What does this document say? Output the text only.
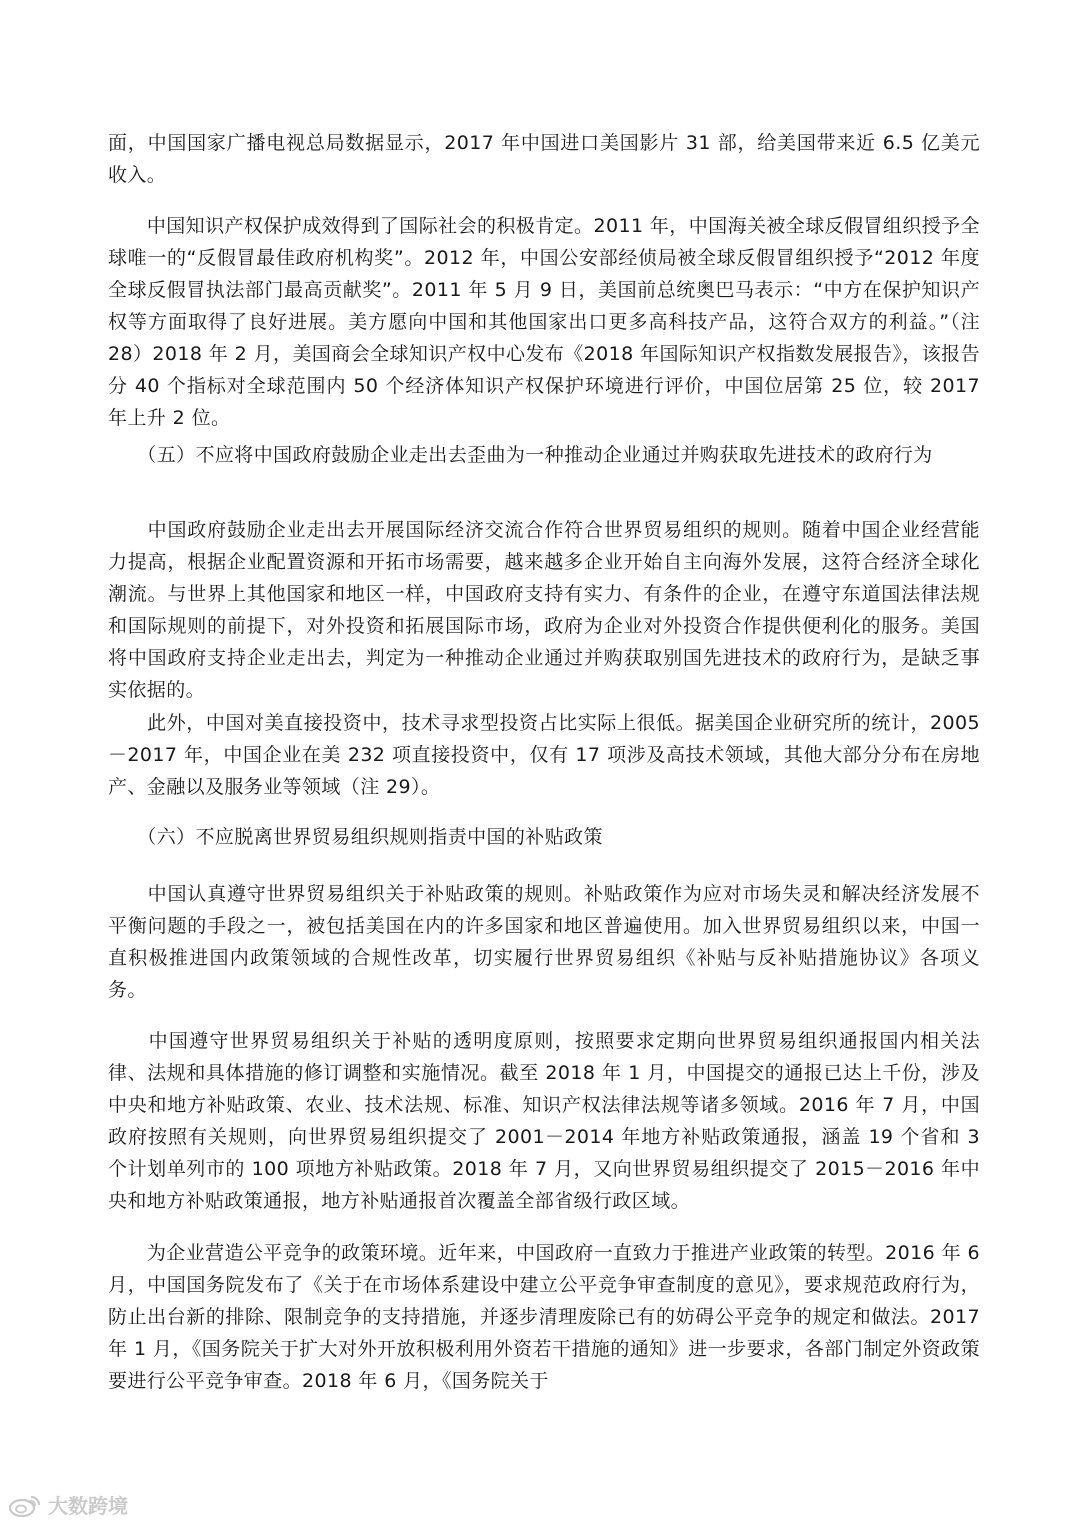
面，中国国家广播电视总局数据显示，2017 年中国进口美国影片 31 部，给美国带来近 6.5 亿美元收入。

　　中国知识产权保护成效得到了国际社会的积极肯定。2011 年，中国海关被全球反假冒组织授予全球唯一的“反假冒最佳政府机构奖”。2012 年，中国公安部经侦局被全球反假冒组织授予“2012 年度全球反假冒执法部门最高贡献奖”。2011 年 5 月 9 日，美国前总统奥巴马表示：“中方在保护知识产权等方面取得了良好进展。美方愿向中国和其他国家出口更多高科技产品，这符合双方的利益。”（注 28）2018 年 2 月，美国商会全球知识产权中心发布《2018 年国际知识产权指数发展报告》，该报告分 40 个指标对全球范围内 50 个经济体知识产权保护环境进行评价，中国位居第 25 位，较 2017 年上升 2 位。

　　（五）不应将中国政府鼓励企业走出去歪曲为一种推动企业通过并购获取先进技术的政府行为

　　中国政府鼓励企业走出去开展国际经济交流合作符合世界贸易组织的规则。随着中国企业经营能力提高，根据企业配置资源和开拓市场需要，越来越多企业开始自主向海外发展，这符合经济全球化潮流。与世界上其他国家和地区一样，中国政府支持有实力、有条件的企业，在遵守东道国法律法规和国际规则的前提下，对外投资和拓展国际市场，政府为企业对外投资合作提供便利化的服务。美国将中国政府支持企业走出去，判定为一种推动企业通过并购获取别国先进技术的政府行为，是缺乏事实依据的。

　　此外，中国对美直接投资中，技术寻求型投资占比实际上很低。据美国企业研究所的统计，2005－2017 年，中国企业在美 232 项直接投资中，仅有 17 项涉及高技术领域，其他大部分分布在房地产、金融以及服务业等领域（注 29）。

　　（六）不应脱离世界贸易组织规则指责中国的补贴政策

　　中国认真遵守世界贸易组织关于补贴政策的规则。补贴政策作为应对市场失灵和解决经济发展不平衡问题的手段之一，被包括美国在内的许多国家和地区普遍使用。加入世界贸易组织以来，中国一直积极推进国内政策领域的合规性改革，切实履行世界贸易组织《补贴与反补贴措施协议》各项义务。

　　中国遵守世界贸易组织关于补贴的透明度原则，按照要求定期向世界贸易组织通报国内相关法律、法规和具体措施的修订调整和实施情况。截至 2018 年 1 月，中国提交的通报已达上千份，涉及中央和地方补贴政策、农业、技术法规、标准、知识产权法律法规等诸多领域。2016 年 7 月，中国政府按照有关规则，向世界贸易组织提交了 2001－2014 年地方补贴政策通报，涵盖 19 个省和 3 个计划单列市的 100 项地方补贴政策。2018 年 7 月，又向世界贸易组织提交了 2015－2016 年中央和地方补贴政策通报，地方补贴通报首次覆盖全部省级行政区域。

　　为企业营造公平竞争的政策环境。近年来，中国政府一直致力于推进产业政策的转型。2016 年 6 月，中国国务院发布了《关于在市场体系建设中建立公平竞争审查制度的意见》，要求规范政府行为，防止出台新的排除、限制竞争的支持措施，并逐步清理废除已有的妨碍公平竞争的规定和做法。2017 年 1 月，《国务院关于扩大对外开放积极利用外资若干措施的通知》进一步要求，各部门制定外资政策要进行公平竞争审查。2018 年 6 月，《国务院关于

大数跨境
